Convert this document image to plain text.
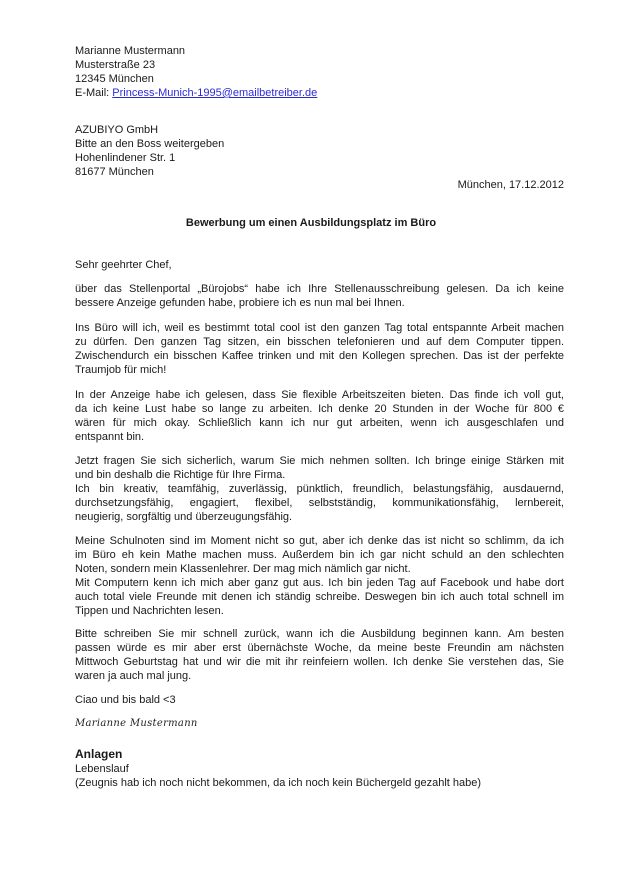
Marianne Mustermann
Musterstraße 23
12345 München
E-Mail: Princess-Munich-1995@emailbetreiber.de
AZUBIYO GmbH
Bitte an den Boss weitergeben
Hohenlindener Str. 1
81677 München
München, 17.12.2012
Bewerbung um einen Ausbildungsplatz im Büro
Sehr geehrter Chef,
über das Stellenportal „Bürojobs“ habe ich Ihre Stellenausschreibung gelesen. Da ich keine
bessere Anzeige gefunden habe, probiere ich es nun mal bei Ihnen.
Ins Büro will ich, weil es bestimmt total cool ist den ganzen Tag total entspannte Arbeit machen
zu dürfen. Den ganzen Tag sitzen, ein bisschen telefonieren und auf dem Computer tippen.
Zwischendurch ein bisschen Kaffee trinken und mit den Kollegen sprechen. Das ist der perfekte
Traumjob für mich!
In der Anzeige habe ich gelesen, dass Sie flexible Arbeitszeiten bieten. Das finde ich voll gut,
da ich keine Lust habe so lange zu arbeiten. Ich denke 20 Stunden in der Woche für 800 €
wären für mich okay. Schließlich kann ich nur gut arbeiten, wenn ich ausgeschlafen und
entspannt bin.
Jetzt fragen Sie sich sicherlich, warum Sie mich nehmen sollten. Ich bringe einige Stärken mit
und bin deshalb die Richtige für Ihre Firma.
Ich bin kreativ, teamfähig, zuverlässig, pünktlich, freundlich, belastungsfähig, ausdauernd,
durchsetzungsfähig, engagiert, flexibel, selbstständig, kommunikationsfähig, lernbereit,
neugierig, sorgfältig und überzeugungsfähig.
Meine Schulnoten sind im Moment nicht so gut, aber ich denke das ist nicht so schlimm, da ich
im Büro eh kein Mathe machen muss. Außerdem bin ich gar nicht schuld an den schlechten
Noten, sondern mein Klassenlehrer. Der mag mich nämlich gar nicht.
Mit Computern kenn ich mich aber ganz gut aus. Ich bin jeden Tag auf Facebook und habe dort
auch total viele Freunde mit denen ich ständig schreibe. Deswegen bin ich auch total schnell im
Tippen und Nachrichten lesen.
Bitte schreiben Sie mir schnell zurück, wann ich die Ausbildung beginnen kann. Am besten
passen würde es mir aber erst übernächste Woche, da meine beste Freundin am nächsten
Mittwoch Geburtstag hat und wir die mit ihr reinfeiern wollen. Ich denke Sie verstehen das, Sie
waren ja auch mal jung.
Ciao und bis bald <3
Marianne Mustermann
Anlagen
Lebenslauf
(Zeugnis hab ich noch nicht bekommen, da ich noch kein Büchergeld gezahlt habe)
